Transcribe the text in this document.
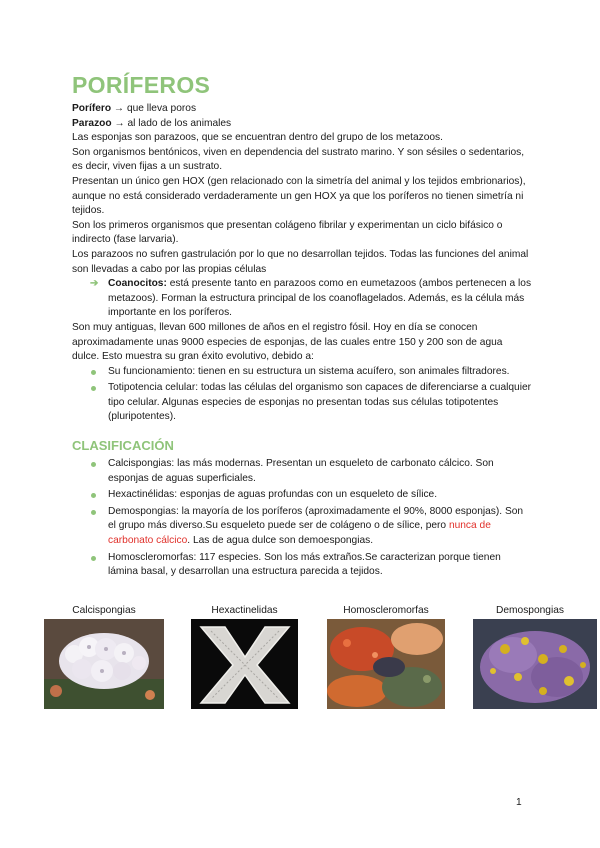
PORÍFEROS

Porífero → que lleva poros

Parazoo → al lado de los animales

Las esponjas son parazoos, que se encuentran dentro del grupo de los metazoos.

Son organismos bentónicos, viven en dependencia del sustrato marino. Y son sésiles o sedentarios, es decir, viven fijas a un sustrato.

Presentan un único gen HOX (gen relacionado con la simetría del animal y los tejidos embrionarios), aunque no está considerado verdaderamente un gen HOX ya que los poríferos no tienen simetría ni tejidos.

Son los primeros organismos que presentan colágeno fibrilar y experimentan un ciclo bifásico o indirecto (fase larvaria).

Los parazoos no sufren gastrulación por lo que no desarrollan tejidos. Todas las funciones del animal son llevadas a cabo por las propias células

➔ Coanocitos: está presente tanto en parazoos como en eumetazoos (ambos pertenecen a los metazoos). Forman la estructura principal de los coanoflagelados. Además, es la célula más importante en los poríferos.

Son muy antiguas, llevan 600 millones de años en el registro fósil. Hoy en día se conocen aproximadamente unas 9000 especies de esponjas, de las cuales entre 150 y 200 son de agua dulce. Esto muestra su gran éxito evolutivo, debido a:

Su funcionamiento: tienen en su estructura un sistema acuífero, son animales filtradores.
Totipotencia celular: todas las células del organismo son capaces de diferenciarse a cualquier tipo celular. Algunas especies de esponjas no presentan todas sus células totipotentes (pluripotentes).
CLASIFICACIÓN
Calcispongias: las más modernas. Presentan un esqueleto de carbonato cálcico. Son esponjas de aguas superficiales.
Hexactinélidas: esponjas de aguas profundas con un esqueleto de sílice.
Demospongias: la mayoría de los poríferos (aproximadamente el 90%, 8000 esponjas). Son el grupo más diverso.Su esqueleto puede ser de colágeno o de sílice, pero nunca de carbonato cálcico. Las de agua dulce son demoespongias.
Homoscleromorfas: 117 especies. Son los más extraños.Se caracterizan porque tienen lámina basal, y desarrollan una estructura parecida a tejidos.
Calcispongias	Hexactinelidas	Homoscleromorfas	Demospongias
1
